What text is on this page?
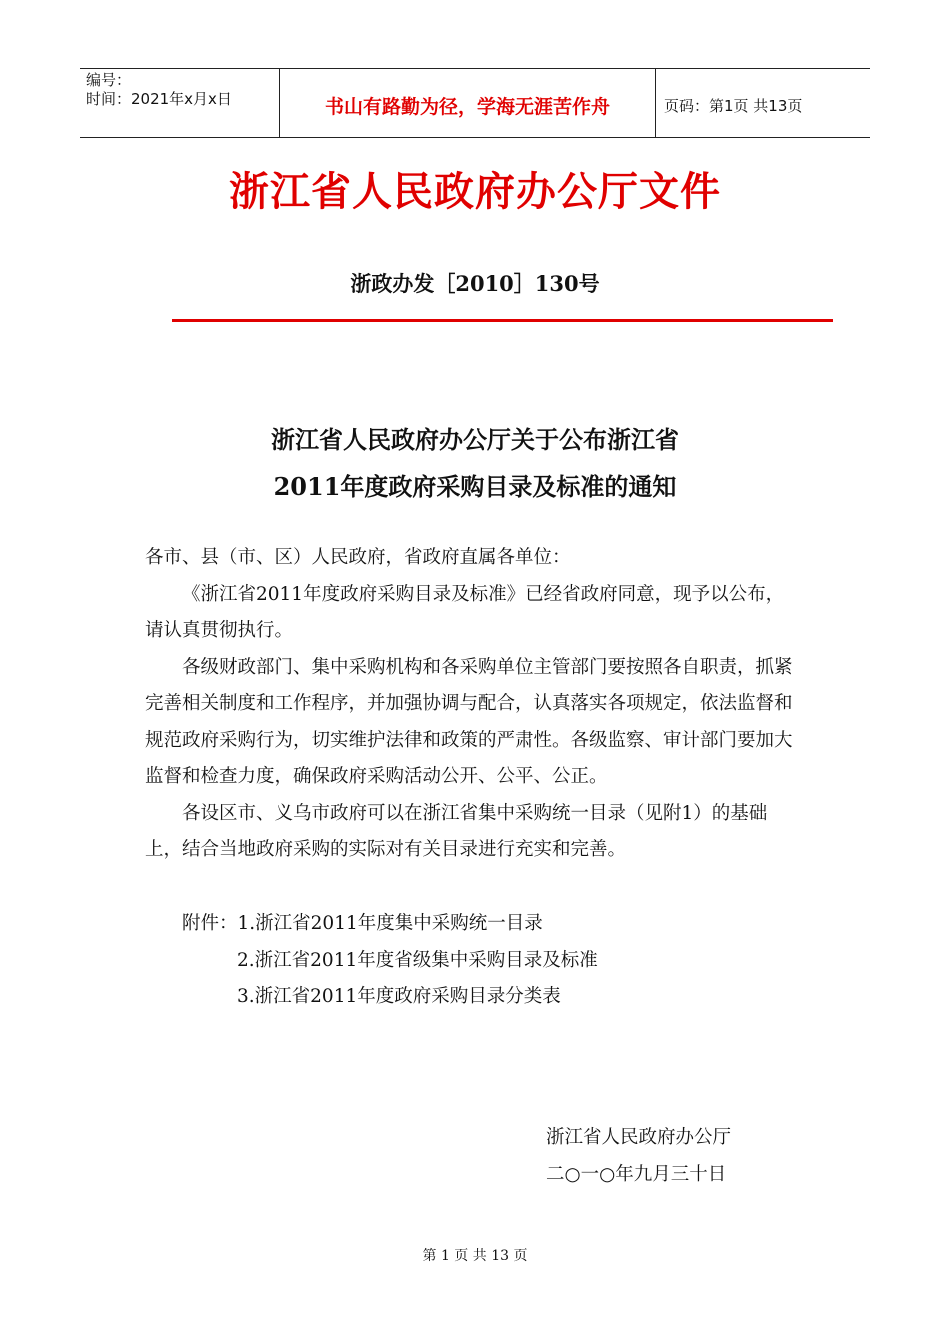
编号：
时间：2021年x月x日	书山有路勤为径，学海无涯苦作舟	页码：第1页 共13页
浙江省人民政府办公厅文件
浙政办发［2010］130号
浙江省人民政府办公厅关于公布浙江省
2011年度政府采购目录及标准的通知

各市、县（市、区）人民政府，省政府直属各单位：

《浙江省2011年度政府采购目录及标准》已经省政府同意，现予以公布，请认真贯彻执行。

各级财政部门、集中采购机构和各采购单位主管部门要按照各自职责，抓紧完善相关制度和工作程序，并加强协调与配合，认真落实各项规定，依法监督和规范政府采购行为，切实维护法律和政策的严肃性。各级监察、审计部门要加大监督和检查力度，确保政府采购活动公开、公平、公正。

各设区市、义乌市政府可以在浙江省集中采购统一目录（见附1）的基础上，结合当地政府采购的实际对有关目录进行充实和完善。

附件：1.浙江省2011年度集中采购统一目录
2.浙江省2011年度省级集中采购目录及标准
3.浙江省2011年度政府采购目录分类表
浙江省人民政府办公厅
二○一○年九月三十日
第 1 页 共 13 页
